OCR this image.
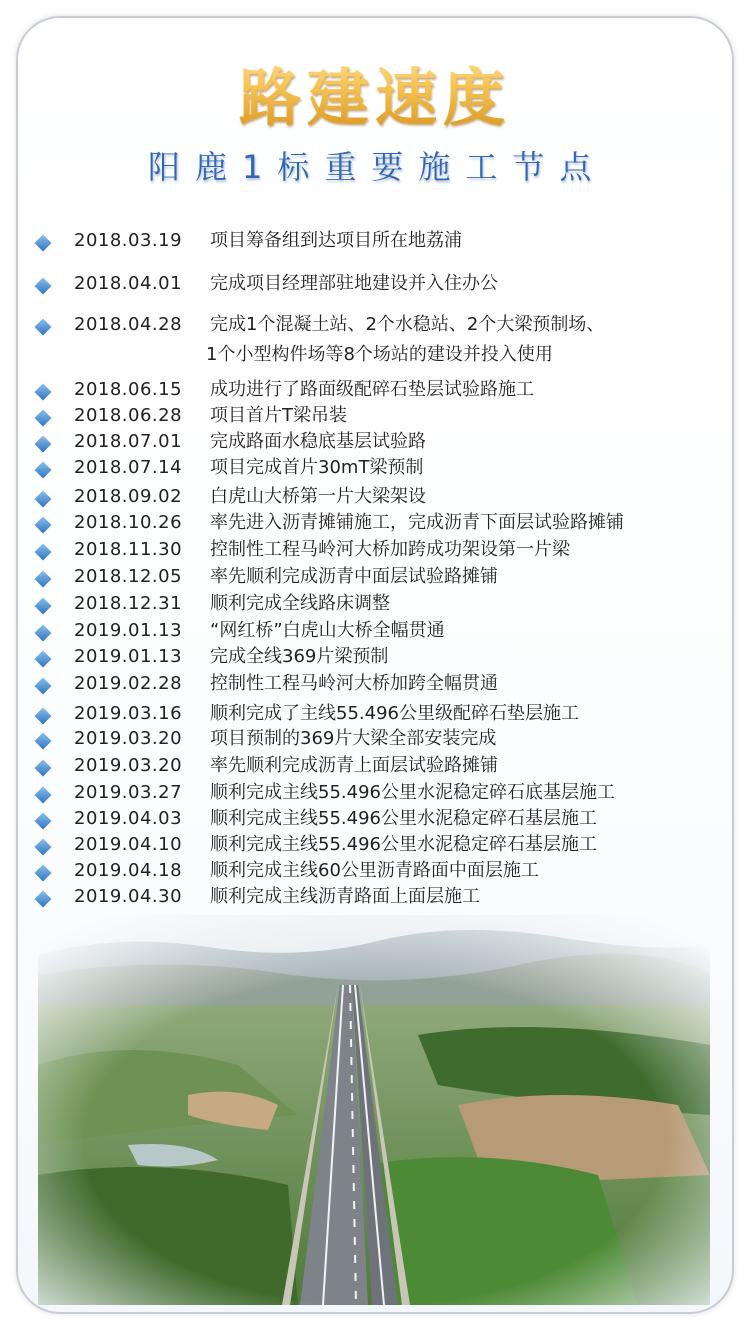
路建速度
阳鹿1标重要施工节点
2018.03.19 项目筹备组到达项目所在地荔浦
2018.04.01 完成项目经理部驻地建设并入住办公
2018.04.28 完成1个混凝土站、2个水稳站、2个大梁预制场、
1个小型构件场等8个场站的建设并投入使用
2018.06.15 成功进行了路面级配碎石垫层试验路施工
2018.06.28 项目首片T梁吊装
2018.07.01 完成路面水稳底基层试验路
2018.07.14 项目完成首片30mT梁预制
2018.09.02 白虎山大桥第一片大梁架设
2018.10.26 率先进入沥青摊铺施工，完成沥青下面层试验路摊铺
2018.11.30 控制性工程马岭河大桥加跨成功架设第一片梁
2018.12.05 率先顺利完成沥青中面层试验路摊铺
2018.12.31 顺利完成全线路床调整
2019.01.13 “网红桥”白虎山大桥全幅贯通
2019.01.13 完成全线369片梁预制
2019.02.28 控制性工程马岭河大桥加跨全幅贯通
2019.03.16 顺利完成了主线55.496公里级配碎石垫层施工
2019.03.20 项目预制的369片大梁全部安装完成
2019.03.20 率先顺利完成沥青上面层试验路摊铺
2019.03.27 顺利完成主线55.496公里水泥稳定碎石底基层施工
2019.04.03 顺利完成主线55.496公里水泥稳定碎石基层施工
2019.04.10 顺利完成主线55.496公里水泥稳定碎石基层施工
2019.04.18 顺利完成主线60公里沥青路面中面层施工
2019.04.30 顺利完成主线沥青路面上面层施工
